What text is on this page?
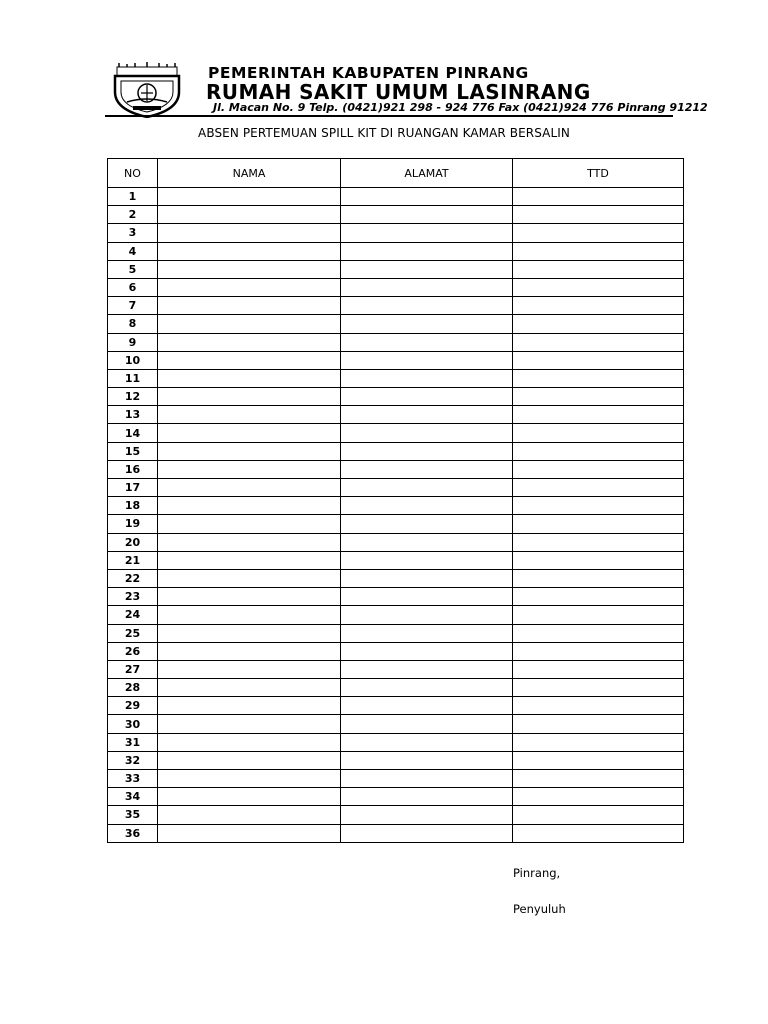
PEMERINTAH KABUPATEN PINRANG
RUMAH SAKIT UMUM LASINRANG
Jl. Macan No. 9 Telp. (0421)921 298 - 924 776 Fax (0421)924 776 Pinrang 91212
ABSEN PERTEMUAN SPILL KIT DI RUANGAN KAMAR BERSALIN
NO	NAMA	ALAMAT	TTD
1			
2			
3			
4			
5			
6			
7			
8			
9			
10			
11			
12			
13			
14			
15			
16			
17			
18			
19			
20			
21			
22			
23			
24			
25			
26			
27			
28			
29			
30			
31			
32			
33			
34			
35			
36			
Pinrang,
Penyuluh
